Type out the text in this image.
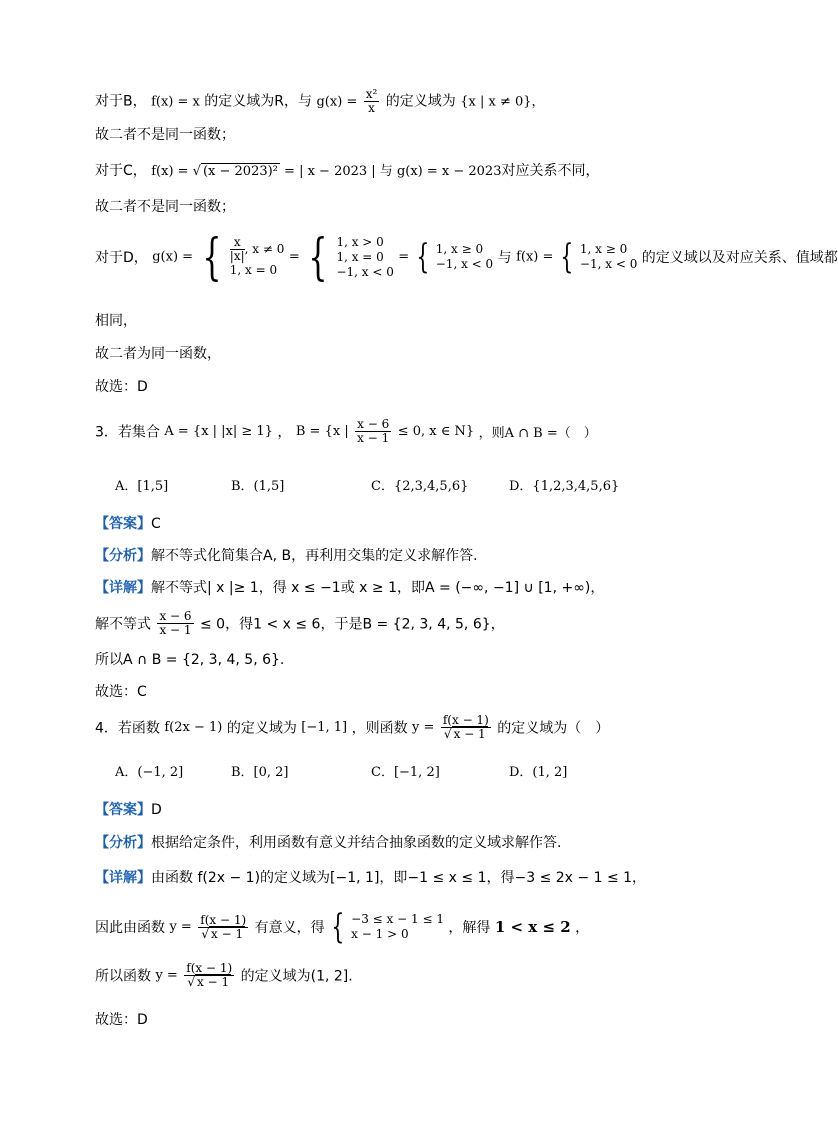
对于B， f(x) = x 的定义域为R，与 $g(x) = \frac{\text{x²}}{x}$ 的定义域为 {x | x ≠ 0}，
故二者不是同一函数；
对于C， f(x) = √ (x − 2023)² = | x − 2023 | 与 g(x) = x − 2023对应关系不同，
故二者不是同一函数；
对于D， g(x) = { $\frac{x}{|x|}$ , x ≠ 0
1, x = 0
= { 1, x > 0
1, x = 0
−1, x < 0
= { 1, x ≥ 0
−1, x < 0 与 f(x) = { 1, x ≥ 0
−1, x < 0 的定义域以及对应关系、值域都
相同，
故二者为同一函数，
故选：D
3．若集合 A = {x | |x| ≥ 1} ， B = {x | $\frac{x - 6}{x - 1} \le 0$, x ∈ N} ，则A ∩ B =（　）
A．[1,5]	B．(1,5]	C．{2,3,4,5,6}	D．{1,2,3,4,5,6}
【答案】C
【分析】解不等式化简集合A, B，再利用交集的定义求解作答.
【详解】解不等式| x |≥ 1，得 x ≤ −1或 x ≥ 1，即A = (−∞, −1] ∪ [1, +∞)，
解不等式 $\frac{x - 6}{x - 1} \le 0$，得1 < x ≤ 6，于是B = {2, 3, 4, 5, 6}，
所以A ∩ B = {2, 3, 4, 5, 6}.
故选：C
4．若函数 f(2x − 1) 的定义域为 [−1, 1] ，则函数 $y = \frac{f(x - 1)}{√ x - 1}$ 的定义域为（　）
A．(−1, 2]	B．[0, 2]	C．[−1, 2]	D．(1, 2]
【答案】D
【分析】根据给定条件，利用函数有意义并结合抽象函数的定义域求解作答.
【详解】由函数 f(2x − 1)的定义域为[−1, 1]，即−1 ≤ x ≤ 1，得−3 ≤ 2x − 1 ≤ 1，
因此由函数 $y = \frac{f(x - 1)}{√ x - 1}$ 有意义，得 { −3 ≤ x − 1 ≤ 1
x − 1 > 0	，解得 1 < x ≤ 2 ，
所以函数 $y = \frac{f(x - 1)}{√ x - 1}$ 的定义域为(1, 2].
故选：D
